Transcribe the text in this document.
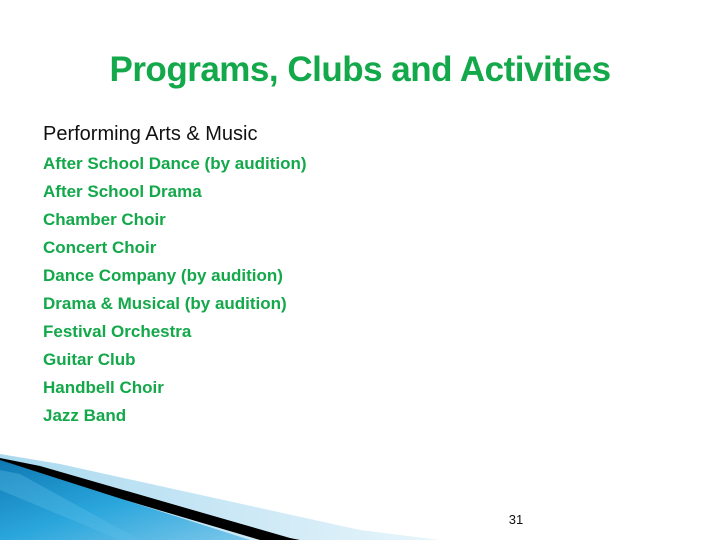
Programs, Clubs and Activities
Performing Arts & Music
After School Dance (by audition)
After School Drama
Chamber Choir
Concert Choir
Dance Company (by audition)
Drama & Musical (by audition)
Festival Orchestra
Guitar Club
Handbell Choir
Jazz Band
31
